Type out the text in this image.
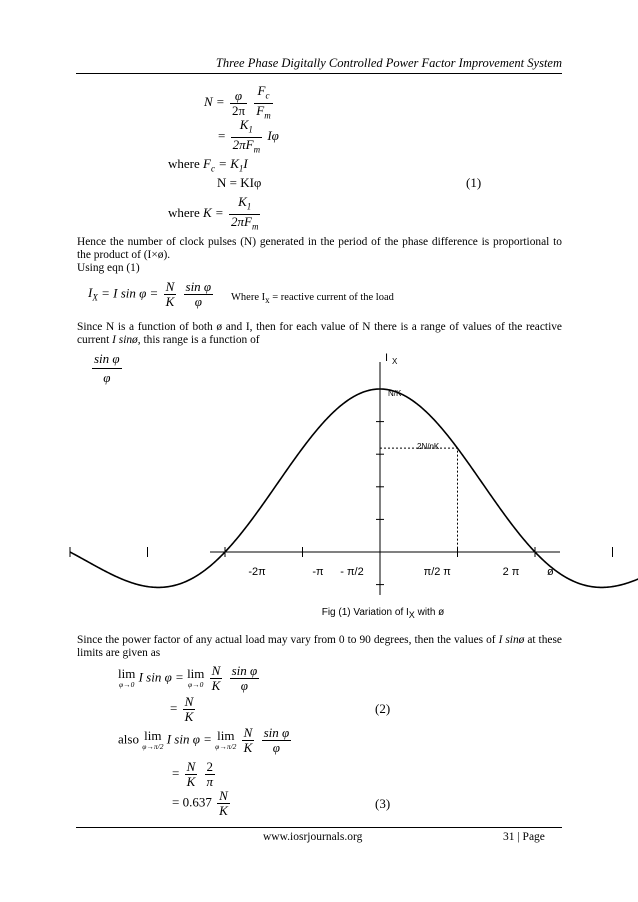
Three Phase Digitally Controlled Power Factor Improvement System
$N = \frac{\varphi}{2\pi}$
$\frac{F_c}{F_m}$
= $\frac{K_1}{2\pi F_m}$ Iφ
where $F_c = K_1I$
N = KIφ	(1)
where $K = \frac{K_1}{2\pi F_m}$
Hence the number of clock pulses (N) generated in the period of the phase difference is proportional to the product of (I×ø).
Using eqn (1)
$I_X = I$ $\sin \varphi = \frac{N}{K}$
$\frac{\text{sin φ}}{\varphi}$ Where $I_x$ = reactive current of the load
Since N is a function of both ø and I, then for each value of N there is a range of values of the reactive current I sinø, this range is a function of
$\frac{\text{sin φ}}{\varphi}$
-2π	-π - π/2	π/2 π	2 π	ø
I X
N/K
2N/nK
Fig (1) Variation of $I_X$ with ø
Since the power factor of any actual load may vary from 0 to 90 degrees, then the values of I sinø at these limits are given as
lim
φ→0 I sin φ = lim
φ→0
$\frac{N}{K}$
$\frac{\text{sin φ}}{\varphi}$
= $\frac{N}{K}$	(2)
also lim
φ→π/2 I sin φ = lim
φ→π/2
$\frac{N}{K}$
$\frac{\text{sin φ}}{\varphi}$
= $\frac{N}{K}$
$\frac{2}{\pi}$
= $0.637 \frac{N}{K}$	(3)
www.iosrjournals.org	31 | Page
